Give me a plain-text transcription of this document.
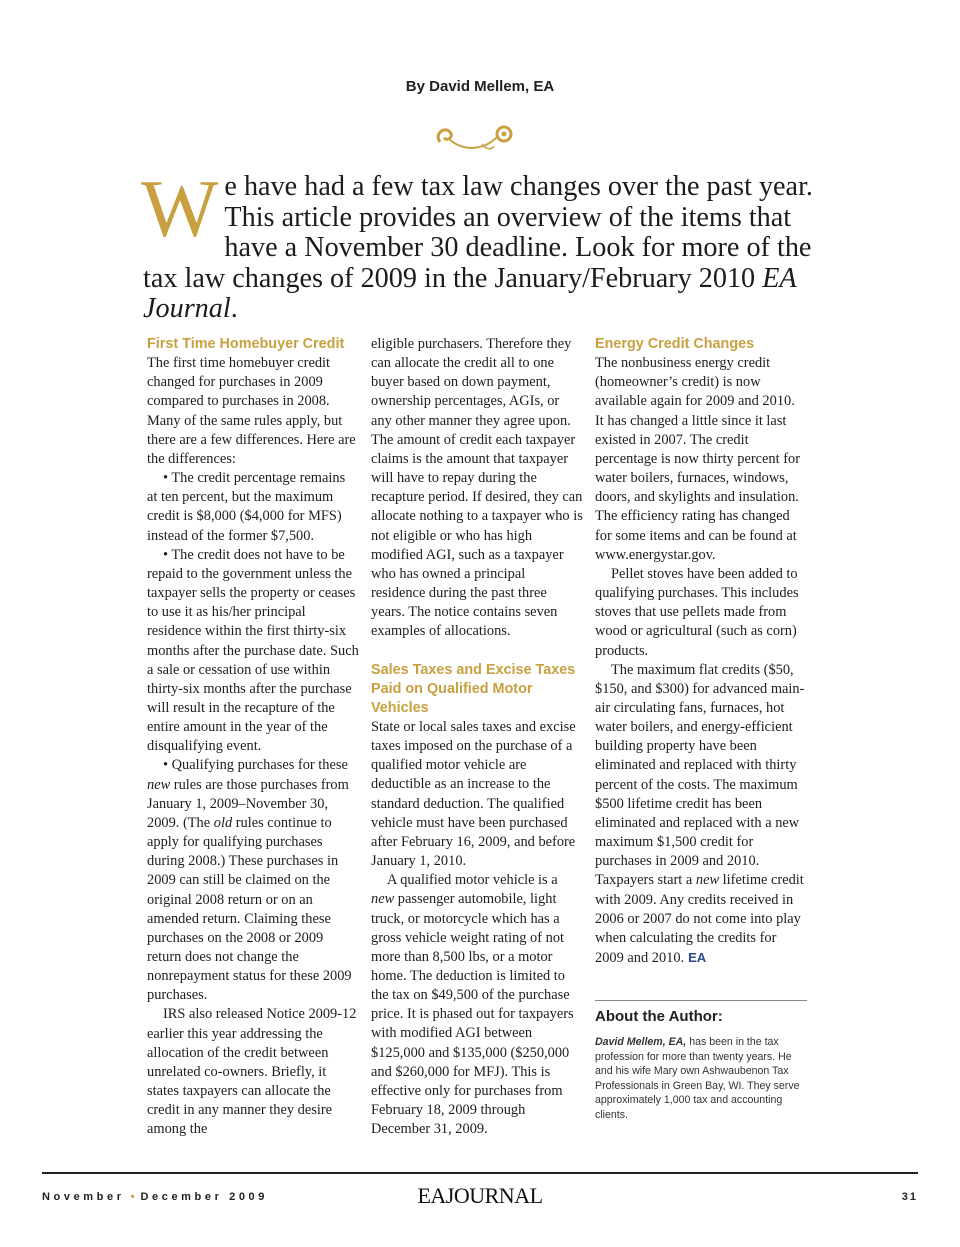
By David Mellem, EA
We have had a few tax law changes over the past year. This article provides an overview of the items that have a November 30 deadline. Look for more of the tax law changes of 2009 in the January/February 2010 EA Journal.
First Time Homebuyer Credit

The first time homebuyer credit changed for purchases in 2009 compared to purchases in 2008. Many of the same rules apply, but there are a few differences. Here are the differences:

• The credit percentage remains at ten percent, but the maximum credit is $8,000 ($4,000 for MFS) instead of the former $7,500.

• The credit does not have to be repaid to the government unless the taxpayer sells the property or ceases to use it as his/her principal residence within the first thirty-six months after the purchase date. Such a sale or cessation of use within thirty-six months after the purchase will result in the recapture of the entire amount in the year of the disqualifying event.

• Qualifying purchases for these new rules are those purchases from January 1, 2009–November 30, 2009. (The old rules continue to apply for qualifying purchases during 2008.) These purchases in 2009 can still be claimed on the original 2008 return or on an amended return. Claiming these purchases on the 2008 or 2009 return does not change the nonrepayment status for these 2009 purchases.

IRS also released Notice 2009-12 earlier this year addressing the allocation of the credit between unrelated co-owners. Briefly, it states taxpayers can allocate the credit in any manner they desire among the

eligible purchasers. Therefore they can allocate the credit all to one buyer based on down payment, ownership percentages, AGIs, or any other manner they agree upon. The amount of credit each taxpayer claims is the amount that taxpayer will have to repay during the recapture period. If desired, they can allocate nothing to a taxpayer who is not eligible or who has high modified AGI, such as a taxpayer who has owned a principal residence during the past three years. The notice contains seven examples of allocations.

Sales Taxes and Excise Taxes Paid on Qualified Motor Vehicles

State or local sales taxes and excise taxes imposed on the purchase of a qualified motor vehicle are deductible as an increase to the standard deduction. The qualified vehicle must have been purchased after February 16, 2009, and before January 1, 2010.

A qualified motor vehicle is a new passenger automobile, light truck, or motorcycle which has a gross vehicle weight rating of not more than 8,500 lbs, or a motor home. The deduction is limited to the tax on $49,500 of the purchase price. It is phased out for taxpayers with modified AGI between $125,000 and $135,000 ($250,000 and $260,000 for MFJ). This is effective only for purchases from February 18, 2009 through December 31, 2009.

Energy Credit Changes

The nonbusiness energy credit (homeowner’s credit) is now available again for 2009 and 2010. It has changed a little since it last existed in 2007. The credit percentage is now thirty percent for water boilers, furnaces, windows, doors, and skylights and insulation. The efficiency rating has changed for some items and can be found at www.energystar.gov.

Pellet stoves have been added to qualifying purchases. This includes stoves that use pellets made from wood or agricultural (such as corn) products.

The maximum flat credits ($50, $150, and $300) for advanced main-air circulating fans, furnaces, hot water boilers, and energy-efficient building property have been eliminated and replaced with thirty percent of the costs. The maximum $500 lifetime credit has been eliminated and replaced with a new maximum $1,500 credit for purchases in 2009 and 2010. Taxpayers start a new lifetime credit with 2009. Any credits received in 2006 or 2007 do not come into play when calculating the credits for 2009 and 2010. EA

About the Author:

David Mellem, EA, has been in the tax profession for more than twenty years. He and his wife Mary own Ashwaubenon Tax Professionals in Green Bay, WI. They serve approximately 1,000 tax and accounting clients.

November • December 2009	EAJOURNAL	31
